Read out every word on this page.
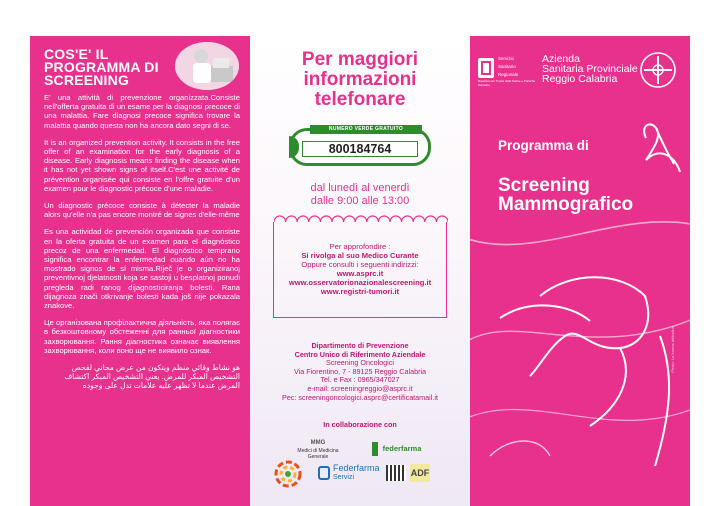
COS'E' IL PROGRAMMA DI SCREENING

E' una attività di prevenzione organizzata.Consiste nell'offerta gratuita di un esame per la diagnosi precoce di una malattia. Fare diagnosi precoce significa trovare la malattia quando questa non ha ancora dato segni di se.

It is an organized prevention activity. It consists in the free offer of an examination for the early diagnosis of a disease. Early diagnosis means finding the disease when it has not yet shown signs of itself.C'est une activité de prévention organisée qui consiste en l'offre gratuite d'un examen pour le diagnostic précoce d'une maladie.

Un diagnostic précoce consiste à détecter la maladie alors qu'elle n'a pas encore montré de signes d'elle-même

Es una actividad de prevención organizada que consiste en la oferta gratuita de un examen para el diagnóstico precoz de una enfermedad. El diagnóstico temprano significa encontrar la enfermedad cuando aún no ha mostrado signos de sí misma.Riječ je o organiziranoj preventivnoj djelatnosti koja se sastoji u besplatnoj ponudi pregleda radi ranog dijagnosticiranja bolesti. Rana dijagnoza znači otkrivanje bolesti kada još nije pokazala znakove.

Це організована профілактична діяльність, яка полягає в безкоштовному обстеженні для ранньої діагностики захворювання. Рання діагностика означає виявлення захворювання, коли воно ще не виявило ознак.

هو نشاط وقائي منظم ويتكون من عرض مجاني لفحص التشخيص المبكر للمرض. يعني التشخيص المبكر اكتشاف المرض عندما لا تظهر عليه علامات تدل على وجوده

Per maggiori
informazioni
telefonare
NUMERO VERDE GRATUITO
800184764
dal lunedì al venerdì
dalle 9:00 alle 13:00
Per approfondire :
Si rivolga al suo Medico Curante
Oppure consulti i seguenti indirizzi:
www.asprc.it
www.osservatorionazionalescreening.it
www.registri-tumori.it
Dipartimento di Prevenzione
Centro Unico di Riferimento Aziendale
Screening Oncologici
Via Fiorentino, 7 - 89125 Reggio Calabria
Tel. e Fax : 0965/347027
e-mail: screeningreggio@asprc.it
Pec: screeningoncologici.asprc@certificatamail.it
In collaborazione con
MMG
Medici di Medicina Generale
federfarma
Federfarma
Servizi	ADF
Servizio
Sanitario
Regionale
Dipartimento Tutela della Salute e Politiche Sanitarie
Azienda
Sanitaria Provinciale
Reggio Calabria
Programma di
Screening
Mammografico
Photo: La buona abitudine
